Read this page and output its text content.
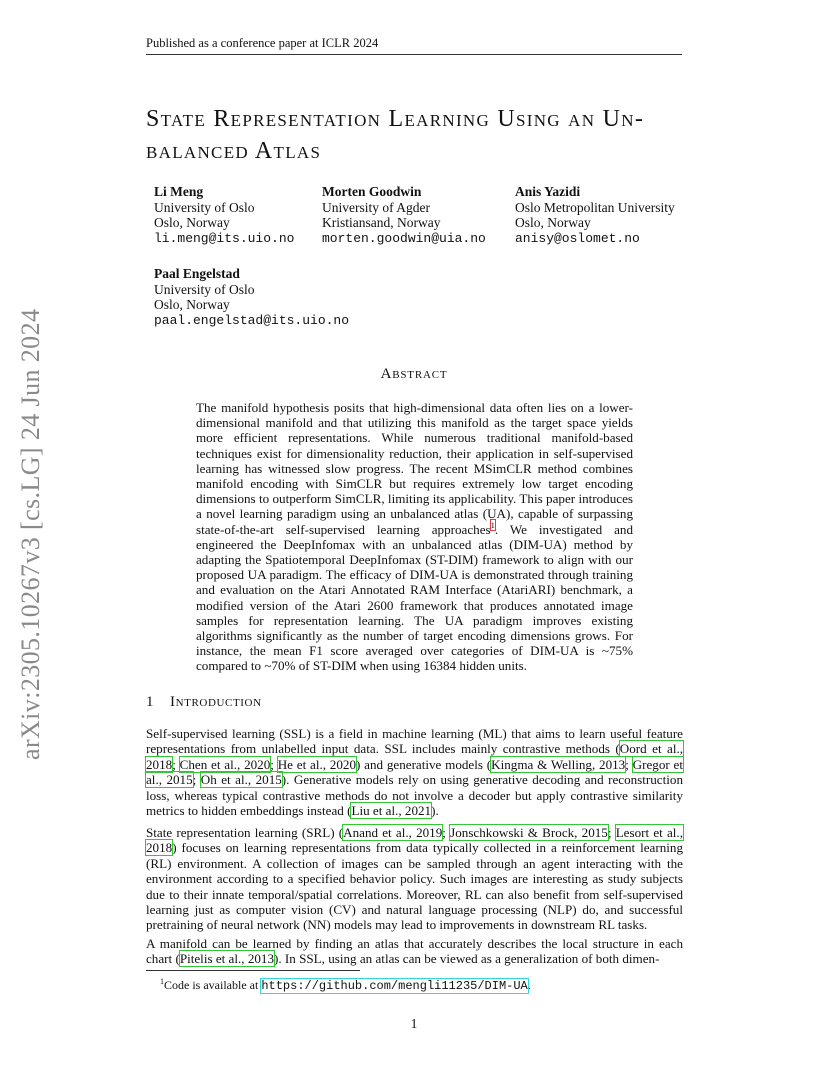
Published as a conference paper at ICLR 2024
arXiv:2305.10267v3 [cs.LG] 24 Jun 2024
State Representation Learning Using an Un-
balanced Atlas
Li Meng
University of Oslo
Oslo, Norway
li.meng@its.uio.no
Morten Goodwin
University of Agder
Kristiansand, Norway
morten.goodwin@uia.no
Anis Yazidi
Oslo Metropolitan University
Oslo, Norway
anisy@oslomet.no
Paal Engelstad
University of Oslo
Oslo, Norway
paal.engelstad@its.uio.no
Abstract
The manifold hypothesis posits that high-dimensional data often lies on a lower-dimensional manifold and that utilizing this manifold as the target space yields more efficient representations. While numerous traditional manifold-based techniques exist for dimensionality reduction, their application in self-supervised learning has witnessed slow progress. The recent MSimCLR method combines manifold encoding with SimCLR but requires extremely low target encoding dimensions to outperform SimCLR, limiting its applicability. This paper introduces a novel learning paradigm using an unbalanced atlas (UA), capable of surpassing state-of-the-art self-supervised learning approaches$^1$. We investigated and engineered the DeepInfomax with an unbalanced atlas (DIM-UA) method by adapting the Spatiotemporal DeepInfomax (ST-DIM) framework to align with our proposed UA paradigm. The efficacy of DIM-UA is demonstrated through training and evaluation on the Atari Annotated RAM Interface (AtariARI) benchmark, a modified version of the Atari 2600 framework that produces annotated image samples for representation learning. The UA paradigm improves existing algorithms significantly as the number of target encoding dimensions grows. For instance, the mean F1 score averaged over categories of DIM-UA is ~75% compared to ~70% of ST-DIM when using 16384 hidden units.
1 Introduction
Self-supervised learning (SSL) is a field in machine learning (ML) that aims to learn useful feature representations from unlabelled input data. SSL includes mainly contrastive methods (Oord et al., 2018; Chen et al., 2020; He et al., 2020) and generative models (Kingma & Welling, 2013; Gregor et al., 2015; Oh et al., 2015). Generative models rely on using generative decoding and reconstruction loss, whereas typical contrastive methods do not involve a decoder but apply contrastive similarity metrics to hidden embeddings instead (Liu et al., 2021).
State representation learning (SRL) (Anand et al., 2019; Jonschkowski & Brock, 2015; Lesort et al., 2018) focuses on learning representations from data typically collected in a reinforcement learning (RL) environment. A collection of images can be sampled through an agent interacting with the environment according to a specified behavior policy. Such images are interesting as study subjects due to their innate temporal/spatial correlations. Moreover, RL can also benefit from self-supervised learning just as computer vision (CV) and natural language processing (NLP) do, and successful pretraining of neural network (NN) models may lead to improvements in downstream RL tasks.
A manifold can be learned by finding an atlas that accurately describes the local structure in each chart (Pitelis et al., 2013). In SSL, using an atlas can be viewed as a generalization of both dimen-
$^1$Code is available at https://github.com/mengli11235/DIM-UA.
1
